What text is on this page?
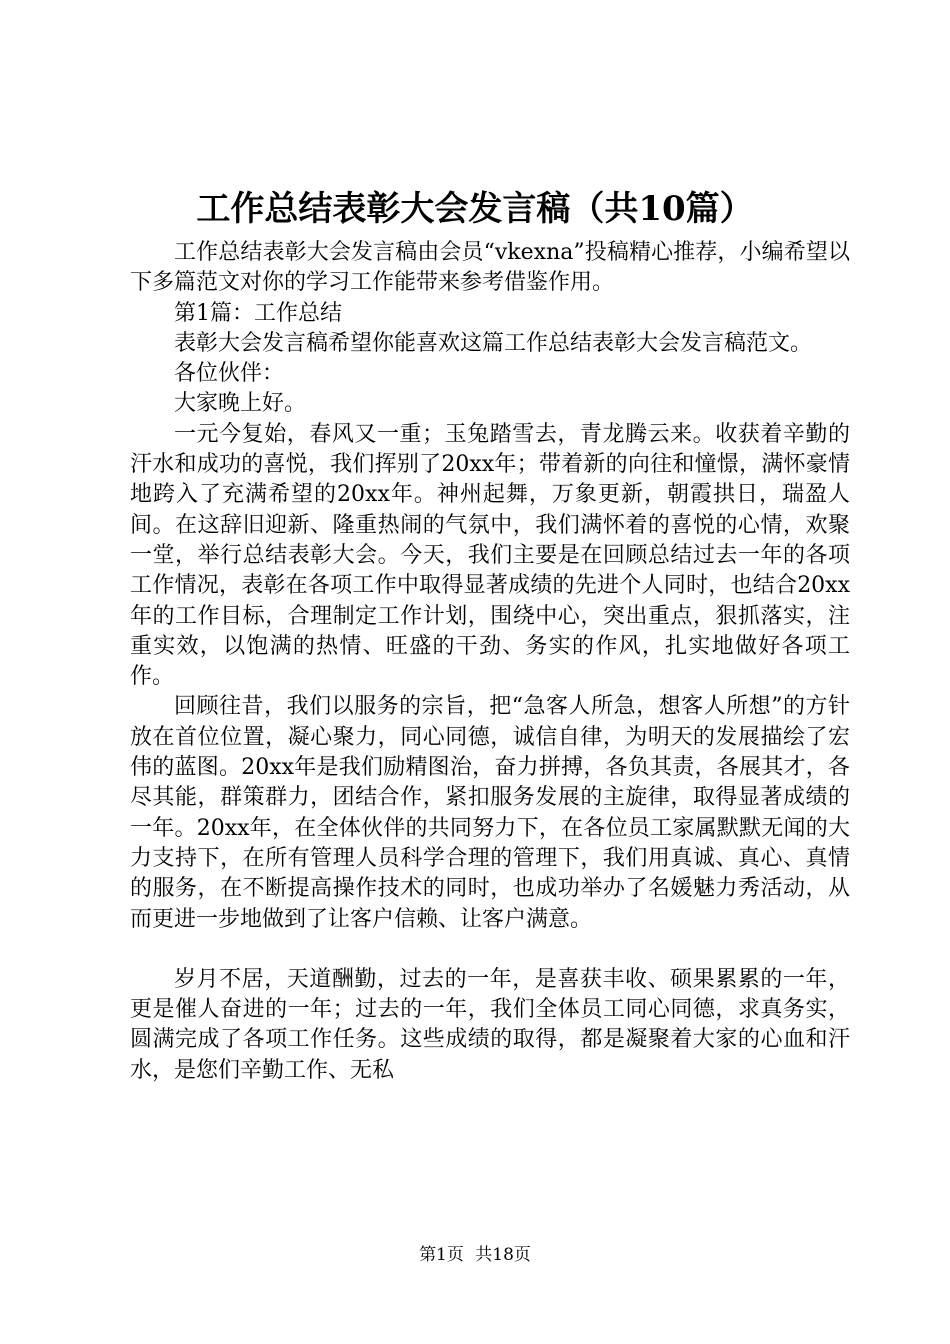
工作总结表彰大会发言稿（共10篇）

工作总结表彰大会发言稿由会员“vkexna”投稿精心推荐，小编希望以下多篇范文对你的学习工作能带来参考借鉴作用。

第1篇：工作总结

表彰大会发言稿希望你能喜欢这篇工作总结表彰大会发言稿范文。

各位伙伴：

大家晚上好。

一元今复始，春风又一重；玉兔踏雪去，青龙腾云来。收获着辛勤的汗水和成功的喜悦，我们挥别了20xx年；带着新的向往和憧憬，满怀豪情地跨入了充满希望的20xx年。神州起舞，万象更新，朝霞拱日，瑞盈人间。在这辞旧迎新、隆重热闹的气氛中，我们满怀着的喜悦的心情，欢聚一堂，举行总结表彰大会。今天，我们主要是在回顾总结过去一年的各项工作情况，表彰在各项工作中取得显著成绩的先进个人同时，也结合20xx年的工作目标，合理制定工作计划，围绕中心，突出重点，狠抓落实，注重实效，以饱满的热情、旺盛的干劲、务实的作风，扎实地做好各项工作。

回顾往昔，我们以服务的宗旨，把“急客人所急，想客人所想”的方针放在首位位置，凝心聚力，同心同德，诚信自律，为明天的发展描绘了宏伟的蓝图。20xx年是我们励精图治，奋力拼搏，各负其责，各展其才，各尽其能，群策群力，团结合作，紧扣服务发展的主旋律，取得显著成绩的一年。20xx年，在全体伙伴的共同努力下，在各位员工家属默默无闻的大力支持下，在所有管理人员科学合理的管理下，我们用真诚、真心、真情的服务，在不断提高操作技术的同时，也成功举办了名媛魅力秀活动，从而更进一步地做到了让客户信赖、让客户满意。

岁月不居，天道酬勤，过去的一年，是喜获丰收、硕果累累的一年，更是催人奋进的一年；过去的一年，我们全体员工同心同德，求真务实，圆满完成了各项工作任务。这些成绩的取得，都是凝聚着大家的心血和汗水，是您们辛勤工作、无私

第1页 共18页
